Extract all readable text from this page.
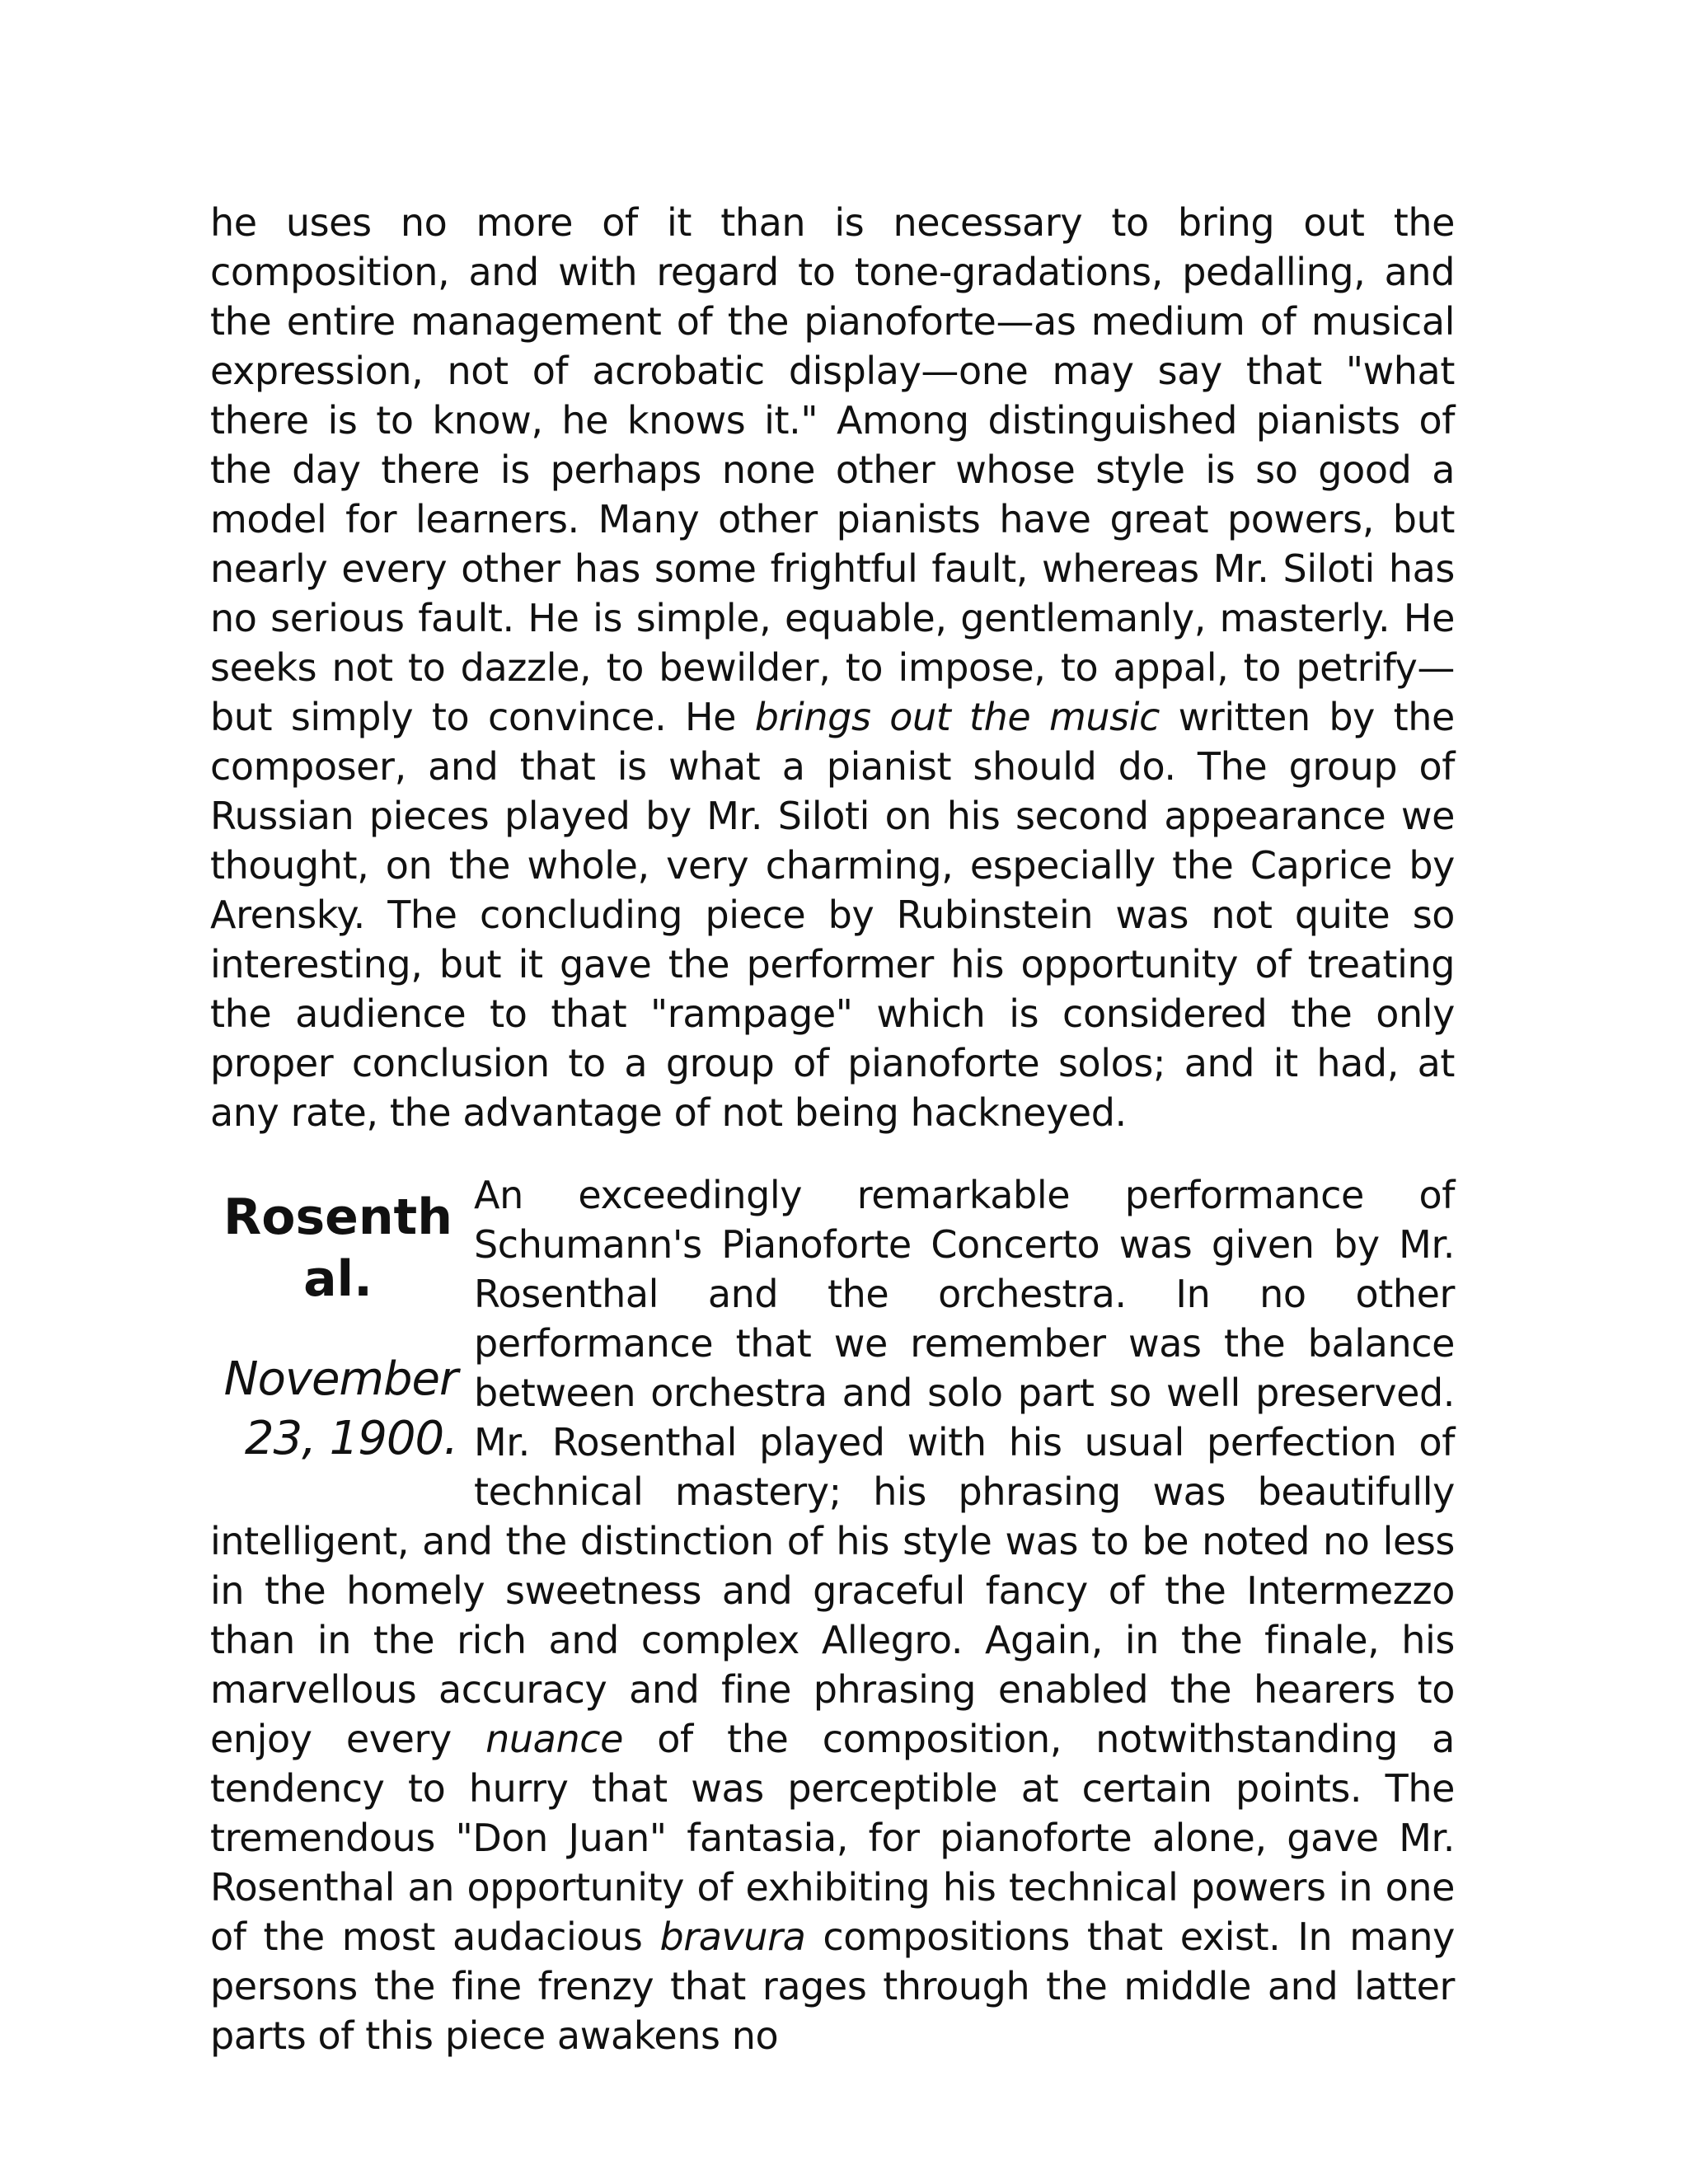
he uses no more of it than is necessary to bring out the composition, and with regard to tone-gradations, pedalling, and the entire management of the pianoforte—as medium of musical expression, not of acrobatic display—one may say that "what there is to know, he knows it." Among distinguished pianists of the day there is perhaps none other whose style is so good a model for learners. Many other pianists have great powers, but nearly every other has some frightful fault, whereas Mr. Siloti has no serious fault. He is simple, equable, gentlemanly, masterly. He seeks not to dazzle, to bewilder, to impose, to appal, to petrify—but simply to convince. He brings out the music written by the composer, and that is what a pianist should do. The group of Russian pieces played by Mr. Siloti on his second appearance we thought, on the whole, very charming, especially the Caprice by Arensky. The concluding piece by Rubinstein was not quite so interesting, but it gave the performer his opportunity of treating the audience to that "rampage" which is considered the only proper conclusion to a group of pianoforte solos; and it had, at any rate, the advantage of not being hackneyed.

Rosenthal.
November 23, 1900.

An exceedingly remarkable performance of Schumann's Pianoforte Concerto was given by Mr. Rosenthal and the orchestra. In no other performance that we remember was the balance between orchestra and solo part so well preserved. Mr. Rosenthal played with his usual perfection of technical mastery; his phrasing was beautifully intelligent, and the distinction of his style was to be noted no less in the homely sweetness and graceful fancy of the Intermezzo than in the rich and complex Allegro. Again, in the finale, his marvellous accuracy and fine phrasing enabled the hearers to enjoy every nuance of the composition, notwithstanding a tendency to hurry that was perceptible at certain points. The tremendous "Don Juan" fantasia, for pianoforte alone, gave Mr. Rosenthal an opportunity of exhibiting his technical powers in one of the most audacious bravura compositions that exist. In many persons the fine frenzy that rages through the middle and latter parts of this piece awakens no
